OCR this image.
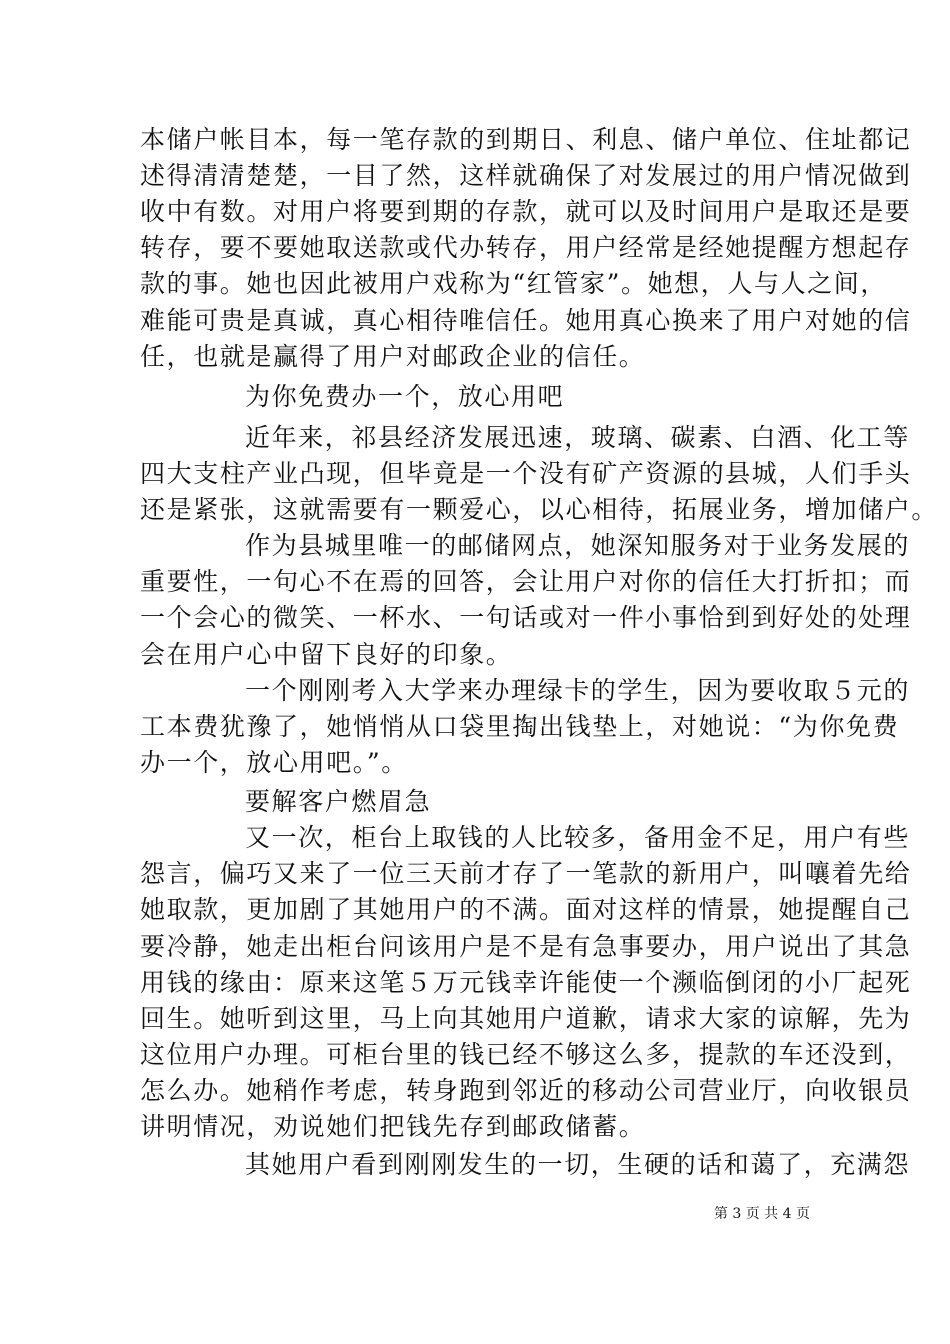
本储户帐目本，每一笔存款的到期日、利息、储户单位、住址都记
述得清清楚楚，一目了然，这样就确保了对发展过的用户情况做到
收中有数。对用户将要到期的存款，就可以及时间用户是取还是要
转存，要不要她取送款或代办转存，用户经常是经她提醒方想起存
款的事。她也因此被用户戏称为“红管家”。她想，人与人之间，
难能可贵是真诚，真心相待唯信任。她用真心换来了用户对她的信
任，也就是赢得了用户对邮政企业的信任。
为你免费办一个，放心用吧
近年来，祁县经济发展迅速，玻璃、碳素、白酒、化工等
四大支柱产业凸现，但毕竟是一个没有矿产资源的县城，人们手头
还是紧张，这就需要有一颗爱心，以心相待，拓展业务，增加储户。
作为县城里唯一的邮储网点，她深知服务对于业务发展的
重要性，一句心不在焉的回答，会让用户对你的信任大打折扣；而
一个会心的微笑、一杯水、一句话或对一件小事恰到到好处的处理
会在用户心中留下良好的印象。
一个刚刚考入大学来办理绿卡的学生，因为要收取５元的
工本费犹豫了，她悄悄从口袋里掏出钱垫上，对她说：“为你免费
办一个，放心用吧。”。
要解客户燃眉急
又一次，柜台上取钱的人比较多，备用金不足，用户有些
怨言，偏巧又来了一位三天前才存了一笔款的新用户，叫嚷着先给
她取款，更加剧了其她用户的不满。面对这样的情景，她提醒自己
要冷静，她走出柜台问该用户是不是有急事要办，用户说出了其急
用钱的缘由：原来这笔５万元钱幸许能使一个濒临倒闭的小厂起死
回生。她听到这里，马上向其她用户道歉，请求大家的谅解，先为
这位用户办理。可柜台里的钱已经不够这么多，提款的车还没到，
怎么办。她稍作考虑，转身跑到邻近的移动公司营业厅，向收银员
讲明情况，劝说她们把钱先存到邮政储蓄。
其她用户看到刚刚发生的一切，生硬的话和蔼了，充满怨
第 3 页 共 4 页
